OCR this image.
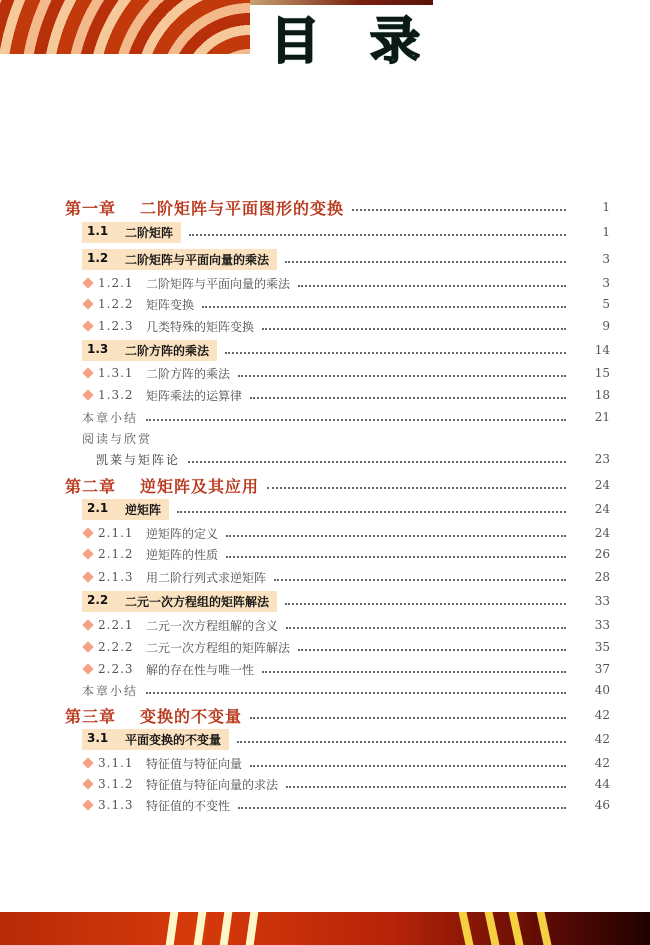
目 录
第一章 二阶矩阵与平面图形的变换	1
1.1	二阶矩阵	1
1.2	二阶矩阵与平面向量的乘法	3
1.2.1	二阶矩阵与平面向量的乘法	3
1.2.2	矩阵变换	5
1.2.3	几类特殊的矩阵变换	9
1.3	二阶方阵的乘法	14
1.3.1	二阶方阵的乘法	15
1.3.2	矩阵乘法的运算律	18
本章小结	21
阅读与欣赏
凯莱与矩阵论	23
第二章 逆矩阵及其应用	24
2.1	逆矩阵	24
2.1.1	逆矩阵的定义	24
2.1.2	逆矩阵的性质	26
2.1.3	用二阶行列式求逆矩阵	28
2.2	二元一次方程组的矩阵解法	33
2.2.1	二元一次方程组解的含义	33
2.2.2	二元一次方程组的矩阵解法	35
2.2.3	解的存在性与唯一性	37
本章小结	40
第三章 变换的不变量	42
3.1	平面变换的不变量	42
3.1.1	特征值与特征向量	42
3.1.2	特征值与特征向量的求法	44
3.1.3	特征值的不变性	46
